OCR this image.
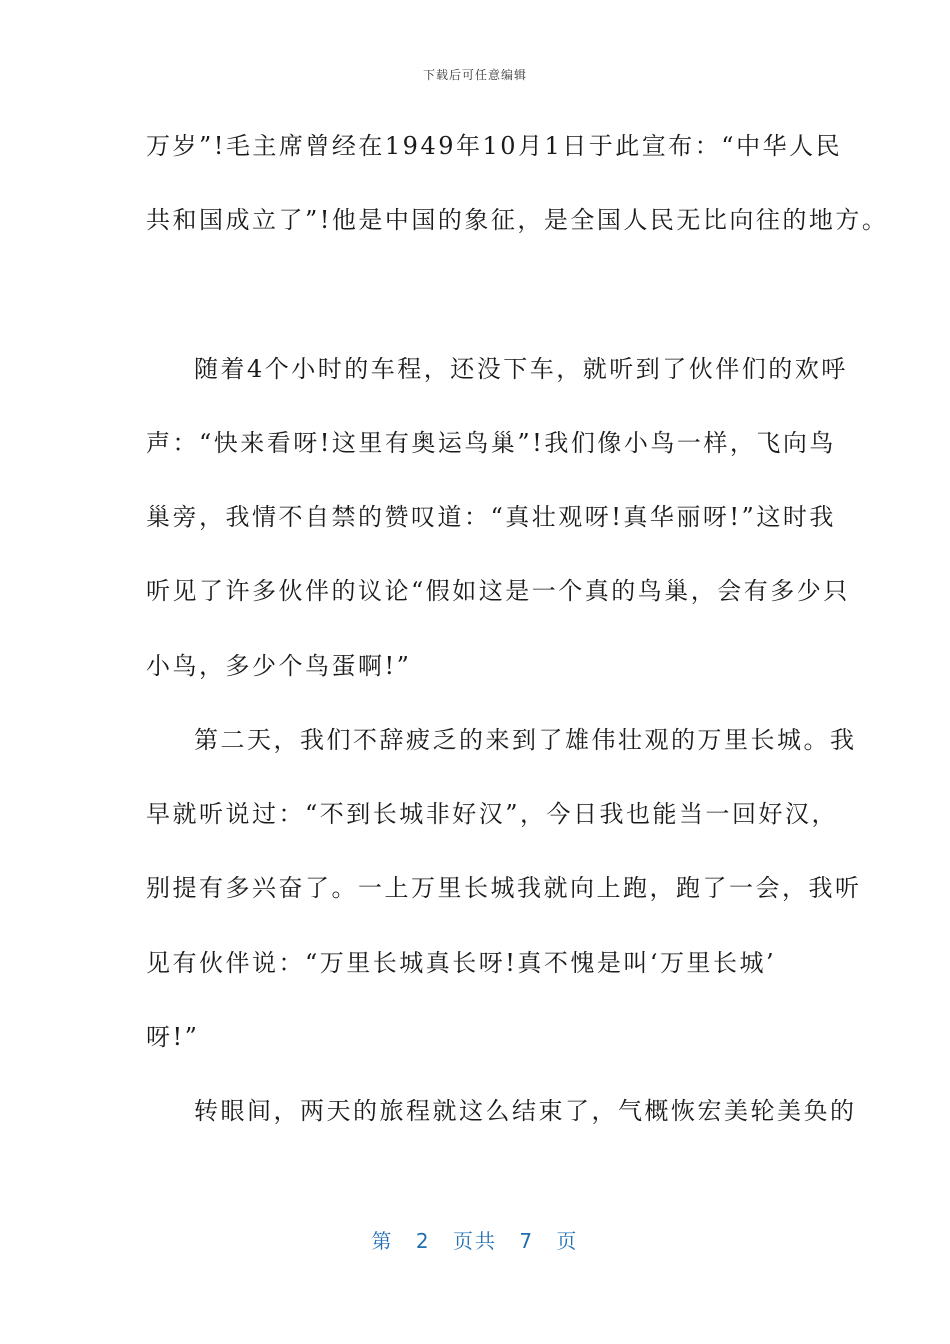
下载后可任意编辑
万岁”!毛主席曾经在1949年10月1日于此宣布：“中华人民
共和国成立了”!他是中国的象征，是全国人民无比向往的地方。
随着4个小时的车程，还没下车，就听到了伙伴们的欢呼
声：“快来看呀!这里有奥运鸟巢”!我们像小鸟一样，飞向鸟
巢旁，我情不自禁的赞叹道：“真壮观呀!真华丽呀!”这时我
听见了许多伙伴的议论“假如这是一个真的鸟巢，会有多少只
小鸟，多少个鸟蛋啊!”
第二天，我们不辞疲乏的来到了雄伟壮观的万里长城。我
早就听说过：“不到长城非好汉”，今日我也能当一回好汉，
别提有多兴奋了。一上万里长城我就向上跑，跑了一会，我听
见有伙伴说：“万里长城真长呀!真不愧是叫‘万里长城’
呀!”
转眼间，两天的旅程就这么结束了，气概恢宏美轮美奂的
第 2 页共 7 页
